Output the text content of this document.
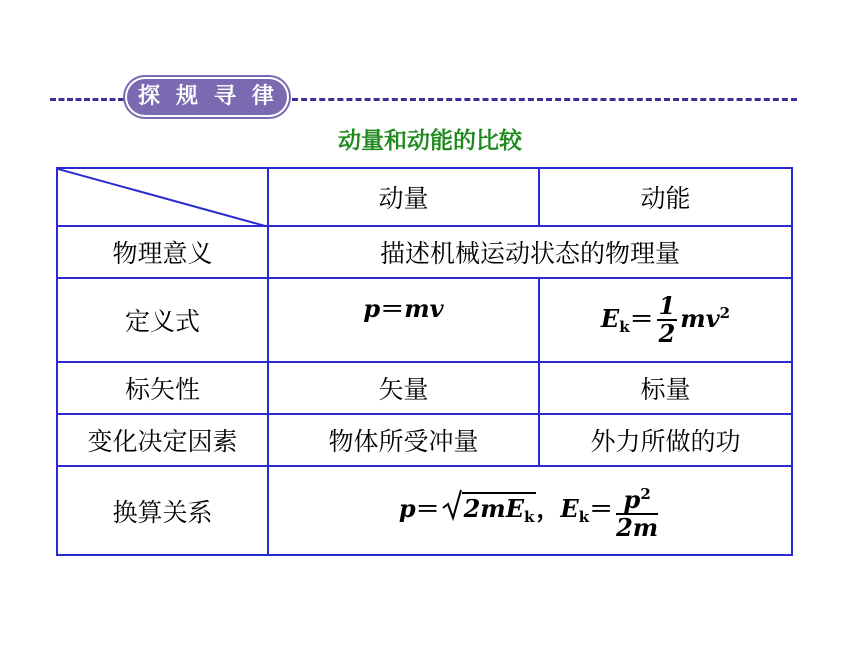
探 规 寻 律
动量和动能的比较
	动量	动能
物理意义	描述机械运动状态的物理量	
定义式	p＝mv	$E_k= \frac{1}{2} mv^2$
标矢性	矢量	标量
变化决定因素	物体所受冲量	外力所做的功
换算关系	$p= 2mE_k$，$E_k= \frac{p^2}{2m}$
